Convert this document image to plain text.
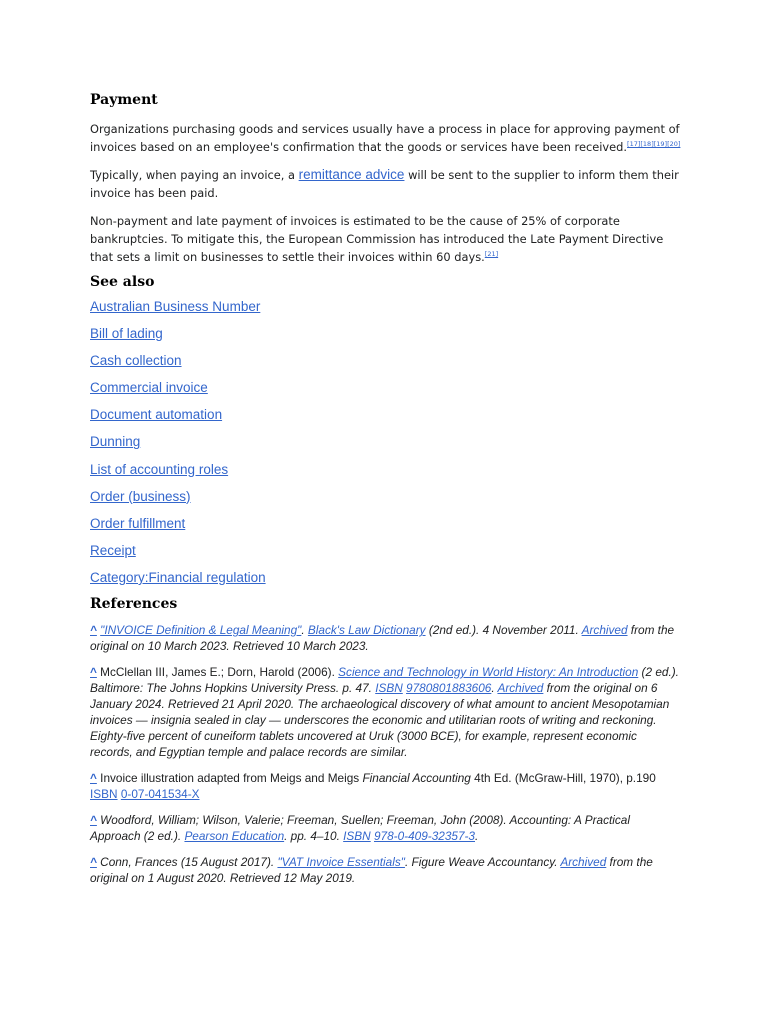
Payment

Organizations purchasing goods and services usually have a process in place for approving payment of invoices based on an employee's confirmation that the goods or services have been received.[17][18][19][20]

Typically, when paying an invoice, a remittance advice will be sent to the supplier to inform them their invoice has been paid.

Non-payment and late payment of invoices is estimated to be the cause of 25% of corporate bankruptcies. To mitigate this, the European Commission has introduced the Late Payment Directive that sets a limit on businesses to settle their invoices within 60 days.[21]

See also
Australian Business Number
Bill of lading
Cash collection
Commercial invoice
Document automation
Dunning
List of accounting roles
Order (business)
Order fulfillment
Receipt
Category:Financial regulation
References
^ "INVOICE Definition & Legal Meaning". Black's Law Dictionary (2nd ed.). 4 November 2011. Archived from the original on 10 March 2023. Retrieved 10 March 2023.
^ McClellan III, James E.; Dorn, Harold (2006). Science and Technology in World History: An Introduction (2 ed.). Baltimore: The Johns Hopkins University Press. p. 47. ISBN 9780801883606. Archived from the original on 6 January 2024. Retrieved 21 April 2020. The archaeological discovery of what amount to ancient Mesopotamian invoices — insignia sealed in clay — underscores the economic and utilitarian roots of writing and reckoning. Eighty-five percent of cuneiform tablets uncovered at Uruk (3000 BCE), for example, represent economic records, and Egyptian temple and palace records are similar.
^ Invoice illustration adapted from Meigs and Meigs Financial Accounting 4th Ed. (McGraw-Hill, 1970), p.190 ISBN 0-07-041534-X
^ Woodford, William; Wilson, Valerie; Freeman, Suellen; Freeman, John (2008). Accounting: A Practical Approach (2 ed.). Pearson Education. pp. 4–10. ISBN 978-0-409-32357-3.
^ Conn, Frances (15 August 2017). "VAT Invoice Essentials". Figure Weave Accountancy. Archived from the original on 1 August 2020. Retrieved 12 May 2019.
